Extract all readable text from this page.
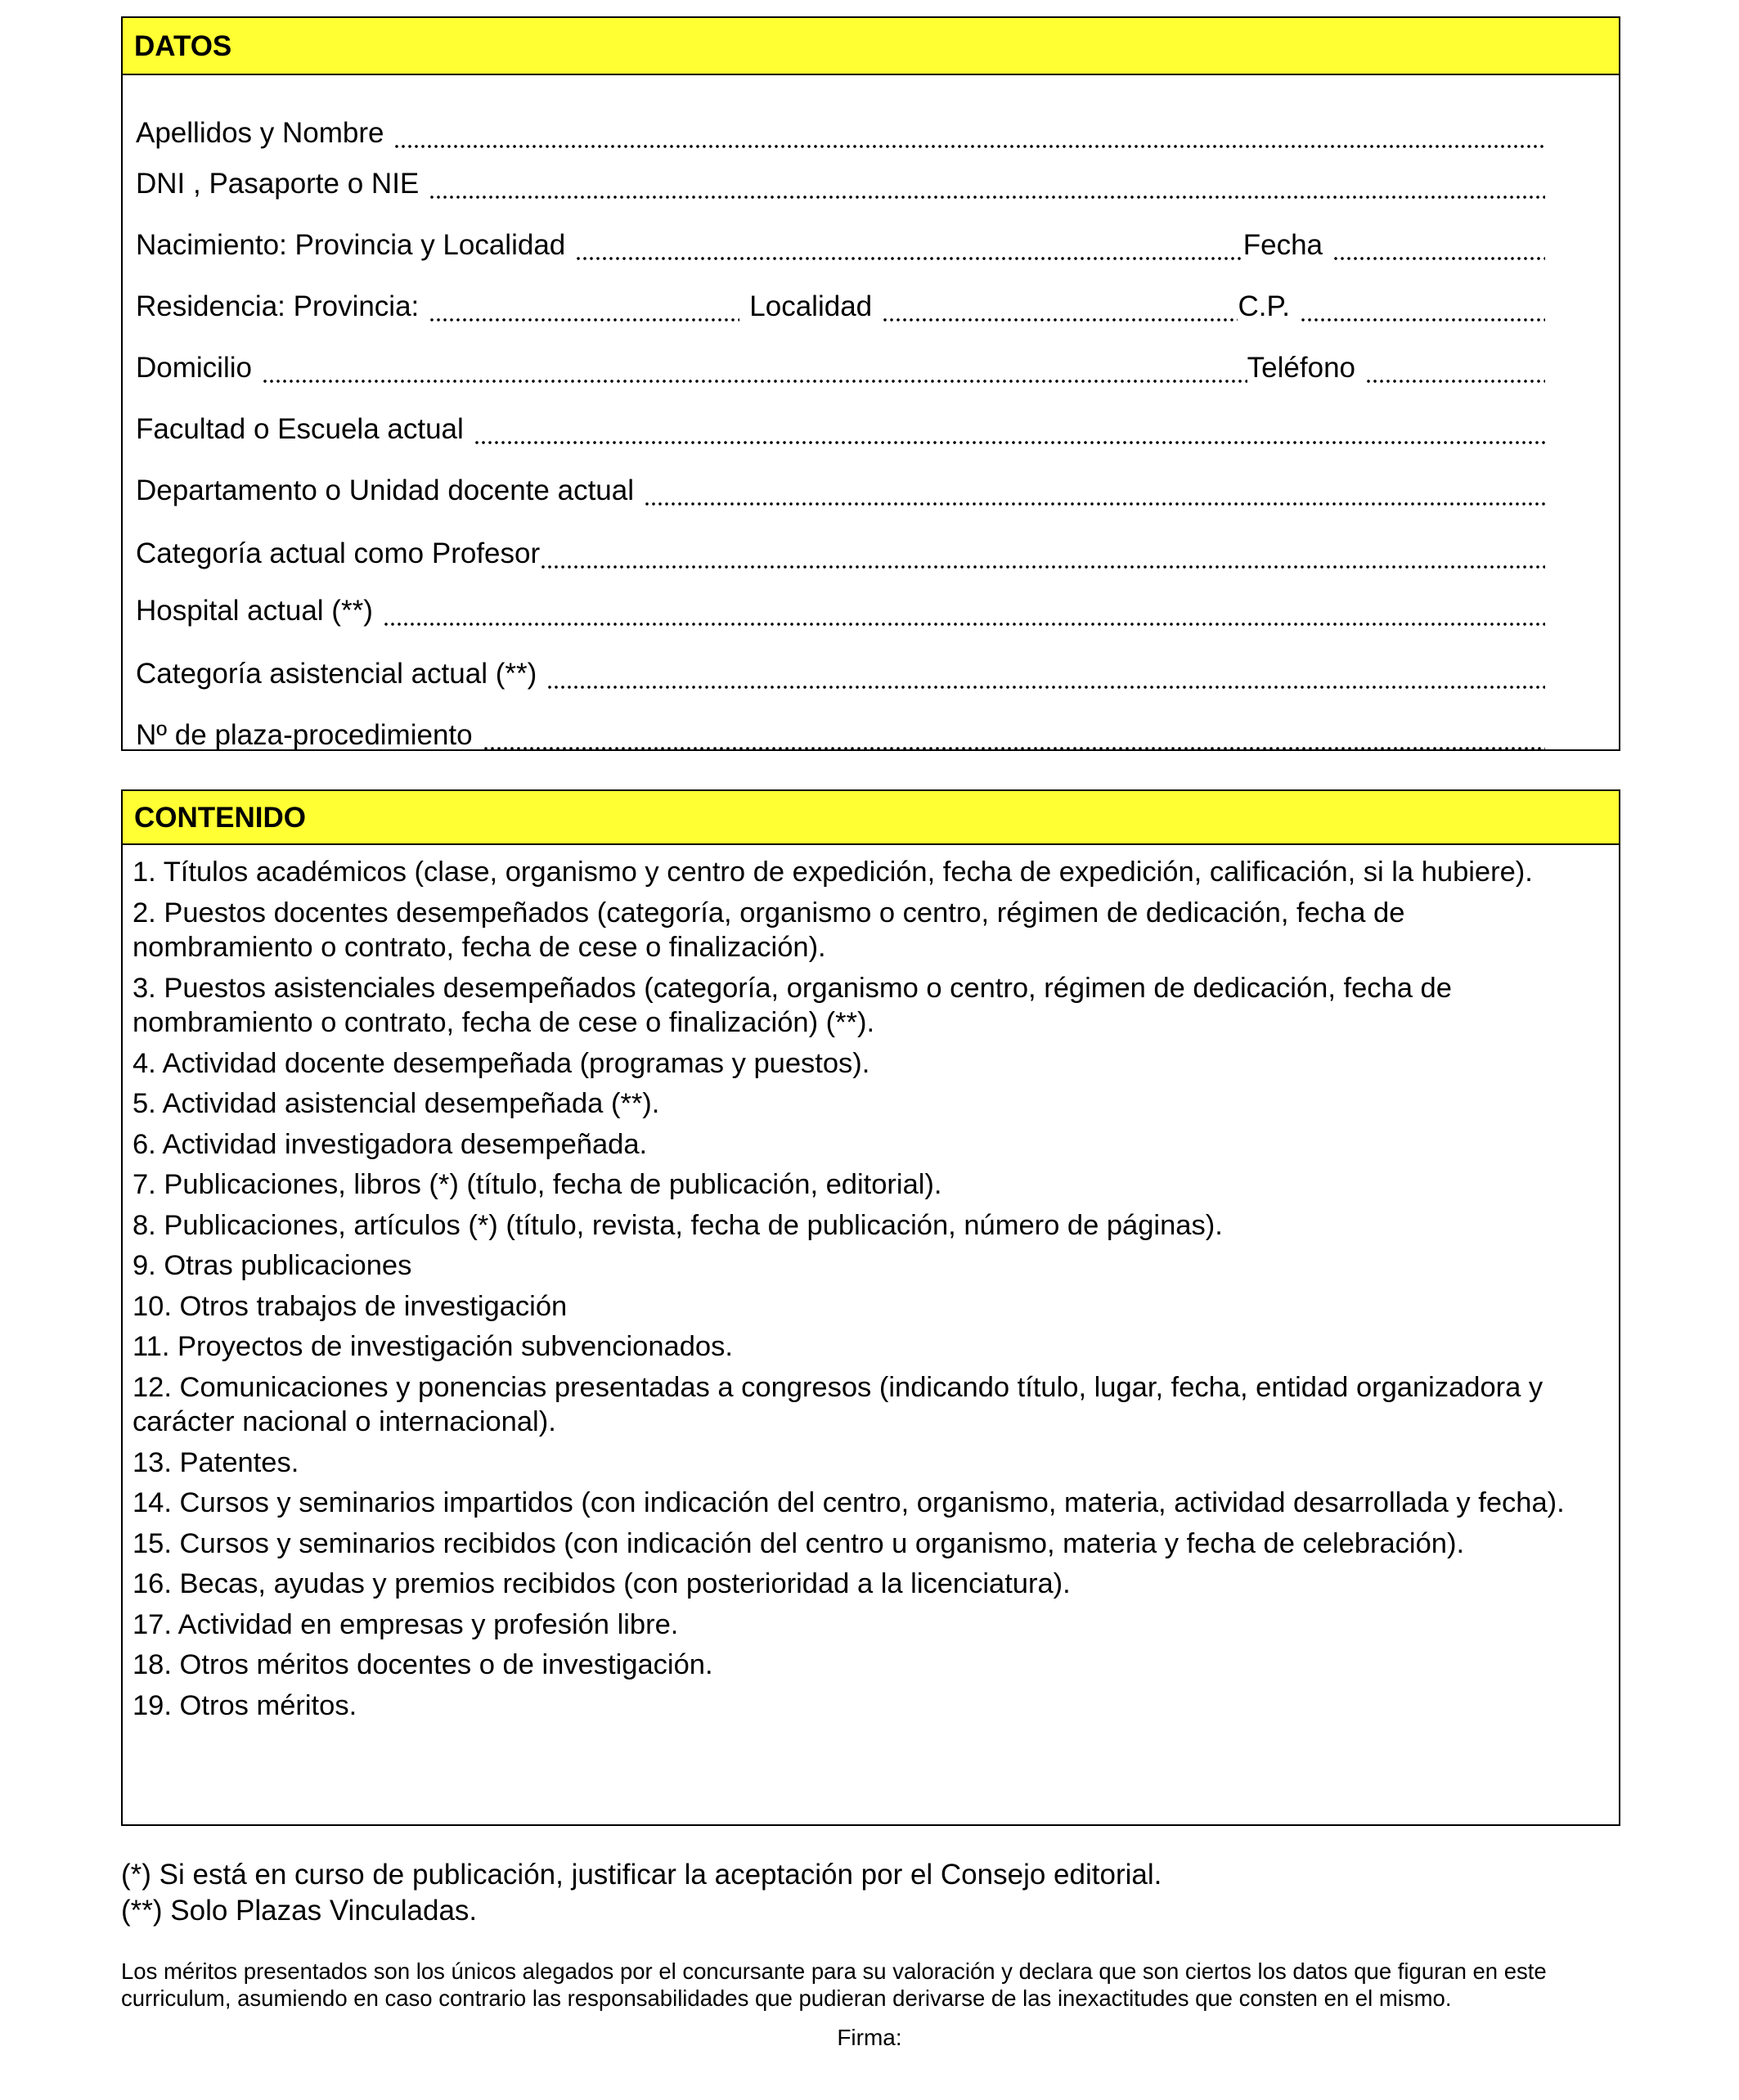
DATOS
Apellidos y Nombre
DNI , Pasaporte o NIE
Nacimiento: Provincia y Localidad	Fecha
Residencia: Provincia:	Localidad	C.P.
Domicilio	Teléfono
Facultad o Escuela actual
Departamento o Unidad docente actual
Categoría actual como Profesor
Hospital actual (**)
Categoría asistencial actual (**)
Nº de plaza-procedimiento
CONTENIDO
1. Títulos académicos (clase, organismo y centro de expedición, fecha de expedición, calificación, si la hubiere).
2. Puestos docentes desempeñados (categoría, organismo o centro, régimen de dedicación, fecha de nombramiento o contrato, fecha de cese o finalización).
3. Puestos asistenciales desempeñados (categoría, organismo o centro, régimen de dedicación, fecha de nombramiento o contrato, fecha de cese o finalización) (**).
4. Actividad docente desempeñada (programas y puestos).
5. Actividad asistencial desempeñada (**).
6. Actividad investigadora desempeñada.
7. Publicaciones, libros (*) (título, fecha de publicación, editorial).
8. Publicaciones, artículos (*) (título, revista, fecha de publicación, número de páginas).
9. Otras publicaciones
10. Otros trabajos de investigación
11. Proyectos de investigación subvencionados.
12. Comunicaciones y ponencias presentadas a congresos (indicando título, lugar, fecha, entidad organizadora y carácter nacional o internacional).
13. Patentes.
14. Cursos y seminarios impartidos (con indicación del centro, organismo, materia, actividad desarrollada y fecha).
15. Cursos y seminarios recibidos (con indicación del centro u organismo, materia y fecha de celebración).
16. Becas, ayudas y premios recibidos (con posterioridad a la licenciatura).
17. Actividad en empresas y profesión libre.
18. Otros méritos docentes o de investigación.
19. Otros méritos.
(*) Si está en curso de publicación, justificar la aceptación por el Consejo editorial.
(**) Solo Plazas Vinculadas.
Los méritos presentados son los únicos alegados por el concursante para su valoración y declara que son ciertos los datos que figuran en este curriculum, asumiendo en caso contrario las responsabilidades que pudieran derivarse de las inexactitudes que consten en el mismo.
Firma:
